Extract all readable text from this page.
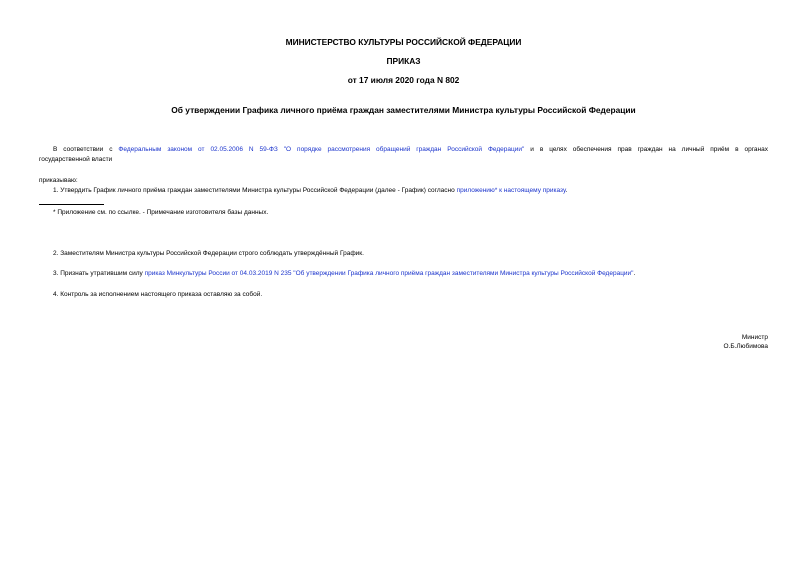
МИНИСТЕРСТВО КУЛЬТУРЫ РОССИЙСКОЙ ФЕДЕРАЦИИ
ПРИКАЗ
от 17 июля 2020 года N 802
Об утверждении Графика личного приёма граждан заместителями Министра культуры Российской Федерации
В соответствии с Федеральным законом от 02.05.2006 N 59-ФЗ "О порядке рассмотрения обращений граждан Российской Федерации" и в целях обеспечения прав граждан на личный приём в органах
государственной власти
приказываю:
1. Утвердить График личного приёма граждан заместителями Министра культуры Российской Федерации (далее - График) согласно приложению* к настоящему приказу.
* Приложение см. по ссылке. - Примечание изготовителя базы данных.
2. Заместителям Министра культуры Российской Федерации строго соблюдать утверждённый График.
3. Признать утратившим силу приказ Минкультуры России от 04.03.2019 N 235 "Об утверждении Графика личного приёма граждан заместителями Министра культуры Российской Федерации".
4. Контроль за исполнением настоящего приказа оставляю за собой.
Министр
О.Б.Любимова
